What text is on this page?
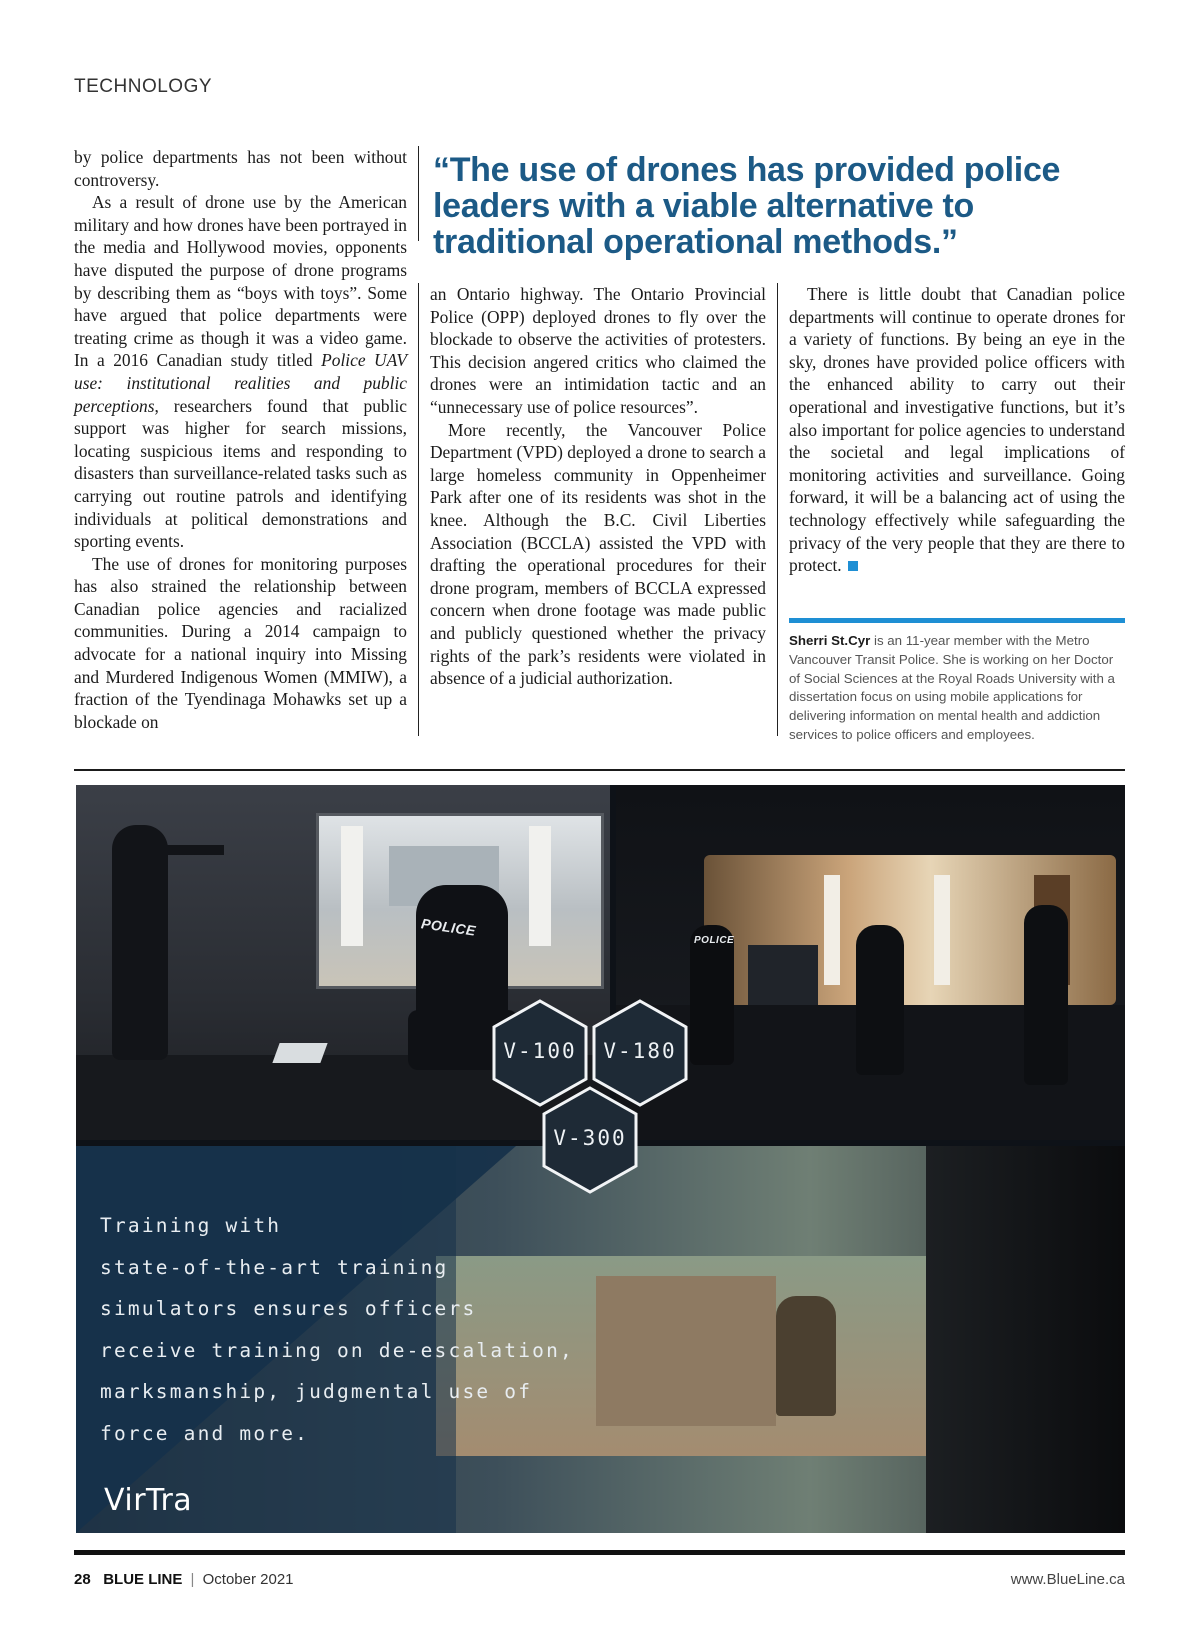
TECHNOLOGY

by police departments has not been without controversy.

As a result of drone use by the American military and how drones have been portrayed in the media and Hollywood movies, opponents have disputed the purpose of drone programs by describing them as “boys with toys”. Some have argued that police departments were treating crime as though it was a video game. In a 2016 Canadian study titled Police UAV use: institutional realities and public perceptions, researchers found that public support was higher for search missions, locating suspicious items and responding to disasters than surveillance-related tasks such as carrying out routine patrols and identifying individuals at political demonstrations and sporting events.

The use of drones for monitoring purposes has also strained the relationship between Canadian police agencies and racialized communities. During a 2014 campaign to advocate for a national inquiry into Missing and Murdered Indigenous Women (MMIW), a fraction of the Tyendinaga Mohawks set up a blockade on

“The use of drones has provided police leaders with a viable alternative to traditional operational methods.”

an Ontario highway. The Ontario Provincial Police (OPP) deployed drones to fly over the blockade to observe the activities of protesters. This decision angered critics who claimed the drones were an intimidation tactic and an “unnecessary use of police resources”.

More recently, the Vancouver Police Department (VPD) deployed a drone to search a large homeless community in Oppenheimer Park after one of its residents was shot in the knee. Although the B.C. Civil Liberties Association (BCCLA) assisted the VPD with drafting the operational procedures for their drone program, members of BCCLA expressed concern when drone footage was made public and publicly questioned whether the privacy rights of the park’s residents were violated in absence of a judicial authorization.

There is little doubt that Canadian police departments will continue to operate drones for a variety of functions. By being an eye in the sky, drones have provided police officers with the enhanced ability to carry out their operational and investigative functions, but it’s also important for police agencies to understand the societal and legal implications of monitoring activities and surveillance. Going forward, it will be a balancing act of using the technology effectively while safeguarding the privacy of the very people that they are there to protect.

Sherri St.Cyr is an 11-year member with the Metro Vancouver Transit Police. She is working on her Doctor of Social Sciences at the Royal Roads University with a dissertation focus on using mobile applications for delivering information on mental health and addiction services to police officers and employees.
POLICE
POLICE
V-100	V-180
V-300
Training with
state-of-the-art training
simulators ensures officers
receive training on de-escalation,
marksmanship, judgmental use of
force and more.
VirTra
28 BLUE LINE | October 2021	www.BlueLine.ca
